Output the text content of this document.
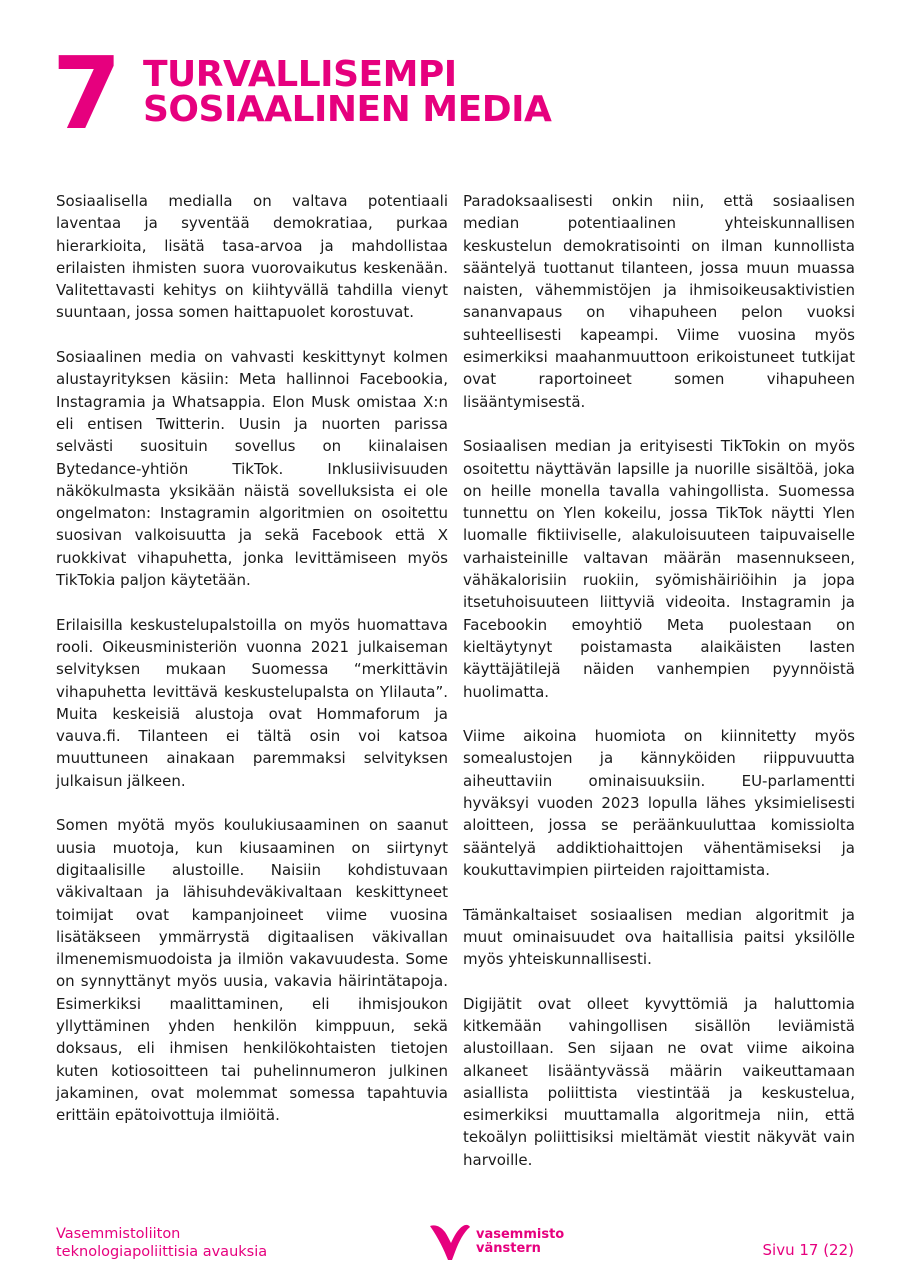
7 TURVALLISEMPI
SOSIAALINEN MEDIA

Sosiaalisella medialla on valtava potentiaali laventaa ja syventää demokratiaa, purkaa hierarkioita, lisätä tasa-arvoa ja mahdollistaa erilaisten ihmisten suora vuorovaikutus keskenään. Valitettavasti kehitys on kiihtyvällä tahdilla vienyt suuntaan, jossa somen haittapuolet korostuvat.

Sosiaalinen media on vahvasti keskittynyt kolmen alustayrityksen käsiin: Meta hallinnoi Facebookia, Instagramia ja Whatsappia. Elon Musk omistaa X:n eli entisen Twitterin. Uusin ja nuorten parissa selvästi suosituin sovellus on kiinalaisen Bytedance-yhtiön TikTok. Inklusiivisuuden näkökulmasta yksikään näistä sovelluksista ei ole ongelmaton: Instagramin algoritmien on osoitettu suosivan valkoisuutta ja sekä Facebook että X ruokkivat vihapuhetta, jonka levittämiseen myös TikTokia paljon käytetään.

Erilaisilla keskustelupalstoilla on myös huomattava rooli. Oikeusministeriön vuonna 2021 julkaiseman selvityksen mukaan Suomessa “merkittävin vihapuhetta levittävä keskustelupalsta on Ylilauta”. Muita keskeisiä alustoja ovat Hommaforum ja vauva.fi. Tilanteen ei tältä osin voi katsoa muuttuneen ainakaan paremmaksi selvityksen julkaisun jälkeen.

Somen myötä myös koulukiusaaminen on saanut uusia muotoja, kun kiusaaminen on siirtynyt digitaalisille alustoille. Naisiin kohdistuvaan väkivaltaan ja lähisuhdeväkivaltaan keskittyneet toimijat ovat kampanjoineet viime vuosina lisätäkseen ymmärrystä digitaalisen väkivallan ilmenemismuodoista ja ilmiön vakavuudesta. Some on synnyttänyt myös uusia, vakavia häirintätapoja. Esimerkiksi maalittaminen, eli ihmisjoukon yllyttäminen yhden henkilön kimppuun, sekä doksaus, eli ihmisen henkilökohtaisten tietojen kuten kotiosoitteen tai puhelinnumeron julkinen jakaminen, ovat molemmat somessa tapahtuvia erittäin epätoivottuja ilmiöitä.

Paradoksaalisesti onkin niin, että sosiaalisen median potentiaalinen yhteiskunnallisen keskustelun demokratisointi on ilman kunnollista sääntelyä tuottanut tilanteen, jossa muun muassa naisten, vähemmistöjen ja ihmisoikeusaktivistien sananvapaus on vihapuheen pelon vuoksi suhteellisesti kapeampi. Viime vuosina myös esimerkiksi maahanmuuttoon erikoistuneet tutkijat ovat raportoineet somen vihapuheen lisääntymisestä.

Sosiaalisen median ja erityisesti TikTokin on myös osoitettu näyttävän lapsille ja nuorille sisältöä, joka on heille monella tavalla vahingollista. Suomessa tunnettu on Ylen kokeilu, jossa TikTok näytti Ylen luomalle fiktiiviselle, alakuloisuuteen taipuvaiselle varhaisteinille valtavan määrän masennukseen, vähäkalorisiin ruokiin, syömishäiriöihin ja jopa itsetuhoisuuteen liittyviä videoita. Instagramin ja Facebookin emoyhtiö Meta puolestaan on kieltäytynyt poistamasta alaikäisten lasten käyttäjätilejä näiden vanhempien pyynnöistä huolimatta.

Viime aikoina huomiota on kiinnitetty myös somealustojen ja kännyköiden riippuvuutta aiheuttaviin ominaisuuksiin. EU-parlamentti hyväksyi vuoden 2023 lopulla lähes yksimielisesti aloitteen, jossa se peräänkuuluttaa komissiolta sääntelyä addiktiohaittojen vähentämiseksi ja koukuttavimpien piirteiden rajoittamista.

Tämänkaltaiset sosiaalisen median algoritmit ja muut ominaisuudet ova haitallisia paitsi yksilölle myös yhteiskunnallisesti.

Digijätit ovat olleet kyvyttömiä ja haluttomia kitkemään vahingollisen sisällön leviämistä alustoillaan. Sen sijaan ne ovat viime aikoina alkaneet lisääntyvässä määrin vaikeuttamaan asiallista poliittista viestintää ja keskustelua, esimerkiksi muuttamalla algoritmeja niin, että tekoälyn poliittisiksi mieltämät viestit näkyvät vain harvoille.

Vasemmistoliiton
teknologiapoliittisia avauksia
vasemmisto
vänstern	Sivu 17 (22)
